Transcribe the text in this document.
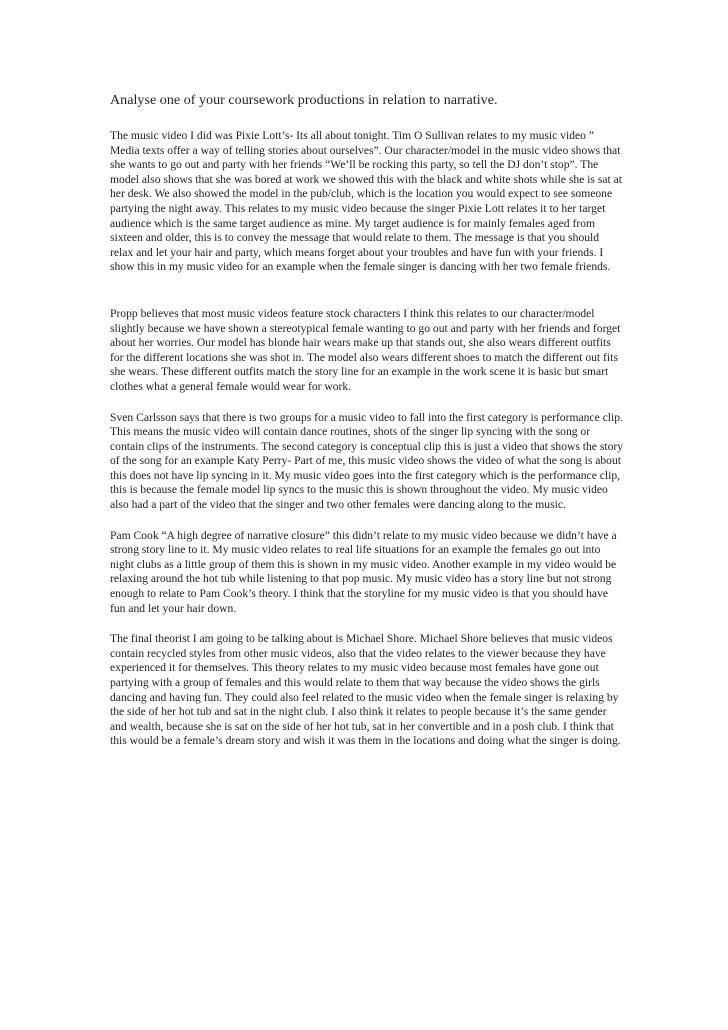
Analyse one of your coursework productions in relation to narrative.

The music video I did was Pixie Lott’s- Its all about tonight. Tim O Sullivan relates to my music video ” Media texts offer a way of telling stories about ourselves”. Our character/model in the music video shows that she wants to go out and party with her friends “We’ll be rocking this party, so tell the DJ don’t stop”. The model also shows that she was bored at work we showed this with the black and white shots while she is sat at her desk. We also showed the model in the pub/club, which is the location you would expect to see someone partying the night away. This relates to my music video because the singer Pixie Lott relates it to her target audience which is the same target audience as mine. My target audience is for mainly females aged from sixteen and older, this is to convey the message that would relate to them. The message is that you should relax and let your hair and party, which means forget about your troubles and have fun with your friends. I show this in my music video for an example when the female singer is dancing with her two female friends.

Propp believes that most music videos feature stock characters I think this relates to our character/model slightly because we have shown a stereotypical female wanting to go out and party with her friends and forget about her worries. Our model has blonde hair wears make up that stands out, she also wears different outfits for the different locations she was shot in. The model also wears different shoes to match the different out fits she wears. These different outfits match the story line for an example in the work scene it is basic but smart clothes what a general female would wear for work.

Sven Carlsson says that there is two groups for a music video to fall into the first category is performance clip. This means the music video will contain dance routines, shots of the singer lip syncing with the song or contain clips of the instruments. The second category is conceptual clip this is just a video that shows the story of the song for an example Katy Perry- Part of me, this music video shows the video of what the song is about this does not have lip syncing in it. My music video goes into the first category which is the performance clip, this is because the female model lip syncs to the music this is shown throughout the video. My music video also had a part of the video that the singer and two other females were dancing along to the music.

Pam Cook “A high degree of narrative closure” this didn’t relate to my music video because we didn’t have a strong story line to it. My music video relates to real life situations for an example the females go out into night clubs as a little group of them this is shown in my music video. Another example in my video would be relaxing around the hot tub while listening to that pop music. My music video has a story line but not strong enough to relate to Pam Cook’s theory. I think that the storyline for my music video is that you should have fun and let your hair down.

The final theorist I am going to be talking about is Michael Shore. Michael Shore believes that music videos contain recycled styles from other music videos, also that the video relates to the viewer because they have experienced it for themselves. This theory relates to my music video because most females have gone out partying with a group of females and this would relate to them that way because the video shows the girls dancing and having fun. They could also feel related to the music video when the female singer is relaxing by the side of her hot tub and sat in the night club. I also think it relates to people because it’s the same gender and wealth, because she is sat on the side of her hot tub, sat in her convertible and in a posh club. I think that this would be a female’s dream story and wish it was them in the locations and doing what the singer is doing.
